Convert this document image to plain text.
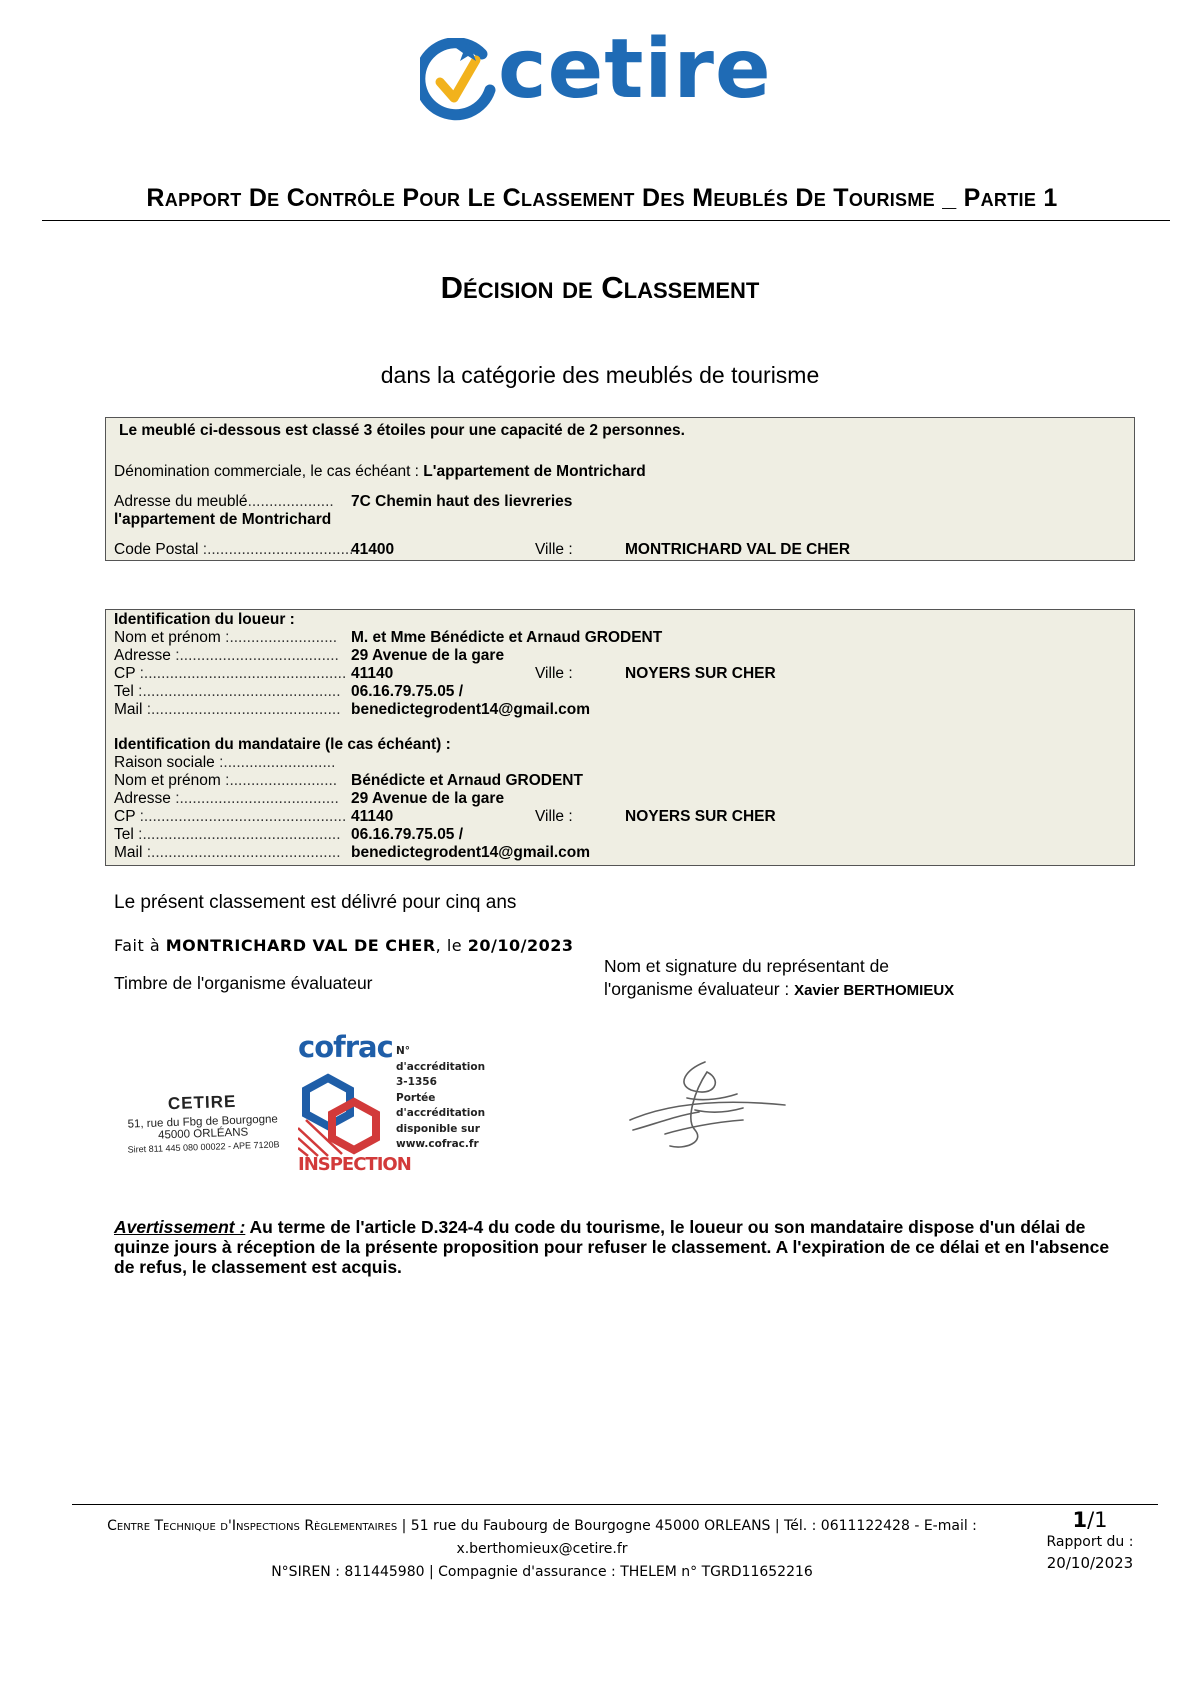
cetire
Rapport De Contrôle Pour Le Classement Des Meublés De Tourisme _ Partie 1
Décision de Classement
dans la catégorie des meublés de tourisme
Le meublé ci-dessous est classé 3 étoiles pour une capacité de 2 personnes.
Dénomination commerciale, le cas échéant : L'appartement de Montrichard
Adresse du meublé.................... 7C Chemin haut des lievreries
l'appartement de Montrichard
Code Postal :..................................
41400	Ville :	MONTRICHARD VAL DE CHER
Identification du loueur :
Nom et prénom :......................... M. et Mme Bénédicte et Arnaud GRODENT
Adresse :..................................... 29 Avenue de la gare
CP :............................................... 41140	Ville :	NOYERS SUR CHER
Tel :.............................................. 06.16.79.75.05 /
Mail :............................................ benedictegrodent14@gmail.com
Identification du mandataire (le cas échéant) :
Raison sociale :..........................
Nom et prénom :......................... Bénédicte et Arnaud GRODENT
Adresse :..................................... 29 Avenue de la gare
CP :............................................... 41140	Ville :	NOYERS SUR CHER
Tel :.............................................. 06.16.79.75.05 /
Mail :............................................ benedictegrodent14@gmail.com
Le présent classement est délivré pour cinq ans
Fait à MONTRICHARD VAL DE CHER, le 20/10/2023
Timbre de l'organisme évaluateur
Nom et signature du représentant de
l'organisme évaluateur : Xavier BERTHOMIEUX
CETIRE
51, rue du Fbg de Bourgogne
45000 ORLÉANS
Siret 811 445 080 00022 - APE 7120B
cofrac
INSPECTION
N° d'accréditation
3-1356
Portée
d'accréditation
disponible sur
www.cofrac.fr
Avertissement : Au terme de l'article D.324-4 du code du tourisme, le loueur ou son mandataire dispose d'un délai de quinze jours à réception de la présente proposition pour refuser le classement. A l'expiration de ce délai et en l'absence de refus, le classement est acquis.
Centre Technique d'Inspections Règlementaires | 51 rue du Faubourg de Bourgogne 45000 ORLEANS | Tél. : 0611122428 - E-mail :
x.berthomieux@cetire.fr
N°SIREN : 811445980 | Compagnie d'assurance : THELEM n° TGRD11652216
1/1
Rapport du :
20/10/2023
